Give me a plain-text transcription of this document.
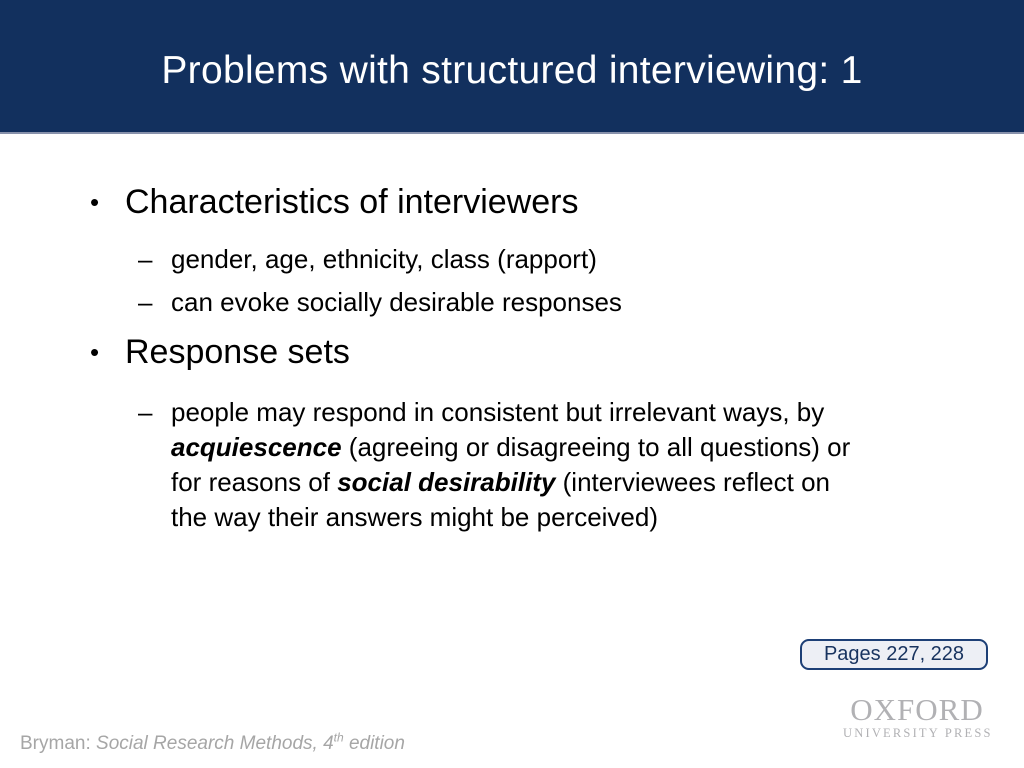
Problems with structured interviewing: 1
• Characteristics of interviewers
– gender, age, ethnicity, class (rapport)
– can evoke socially desirable responses
• Response sets
– people may respond in consistent but irrelevant ways, by
acquiescence (agreeing or disagreeing to all questions) or
for reasons of social desirability (interviewees reflect on
the way their answers might be perceived)
Pages 227, 228
OXFORD
UNIVERSITY PRESS
Bryman: Social Research Methods, 4th edition
